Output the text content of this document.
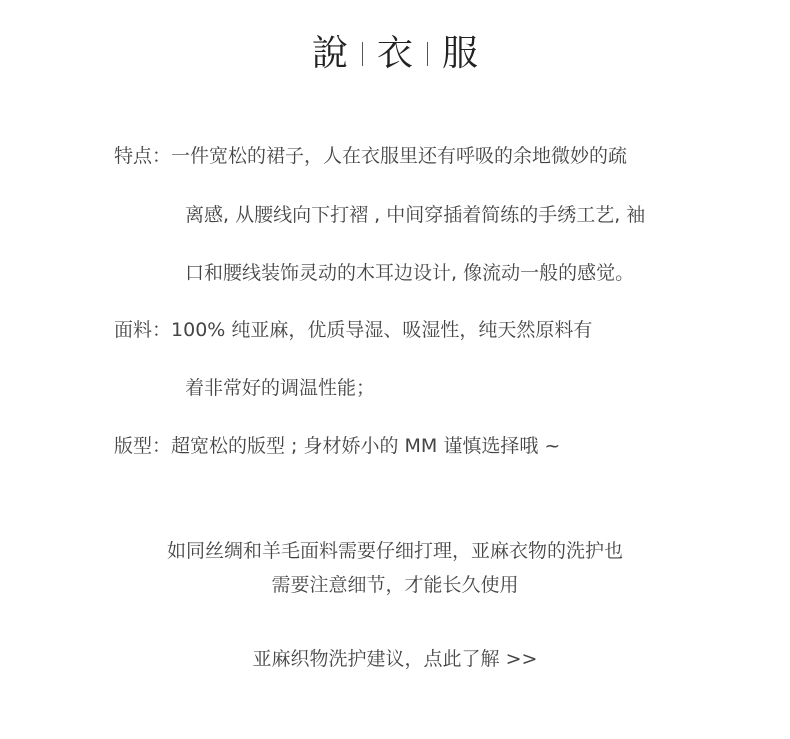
說 衣 服
特点：一件宽松的裙子，人在衣服里还有呼吸的余地微妙的疏
离感, 从腰线向下打褶 , 中间穿插着简练的手绣工艺, 袖
口和腰线装饰灵动的木耳边设计, 像流动一般的感觉。
面料：100% 纯亚麻，优质导湿、吸湿性，纯天然原料有
着非常好的调温性能；
版型：超宽松的版型 ; 身材娇小的 MM 谨慎选择哦 ~
如同丝绸和羊毛面料需要仔细打理，亚麻衣物的洗护也
需要注意细节，才能长久使用
亚麻织物洗护建议，点此了解 >>
